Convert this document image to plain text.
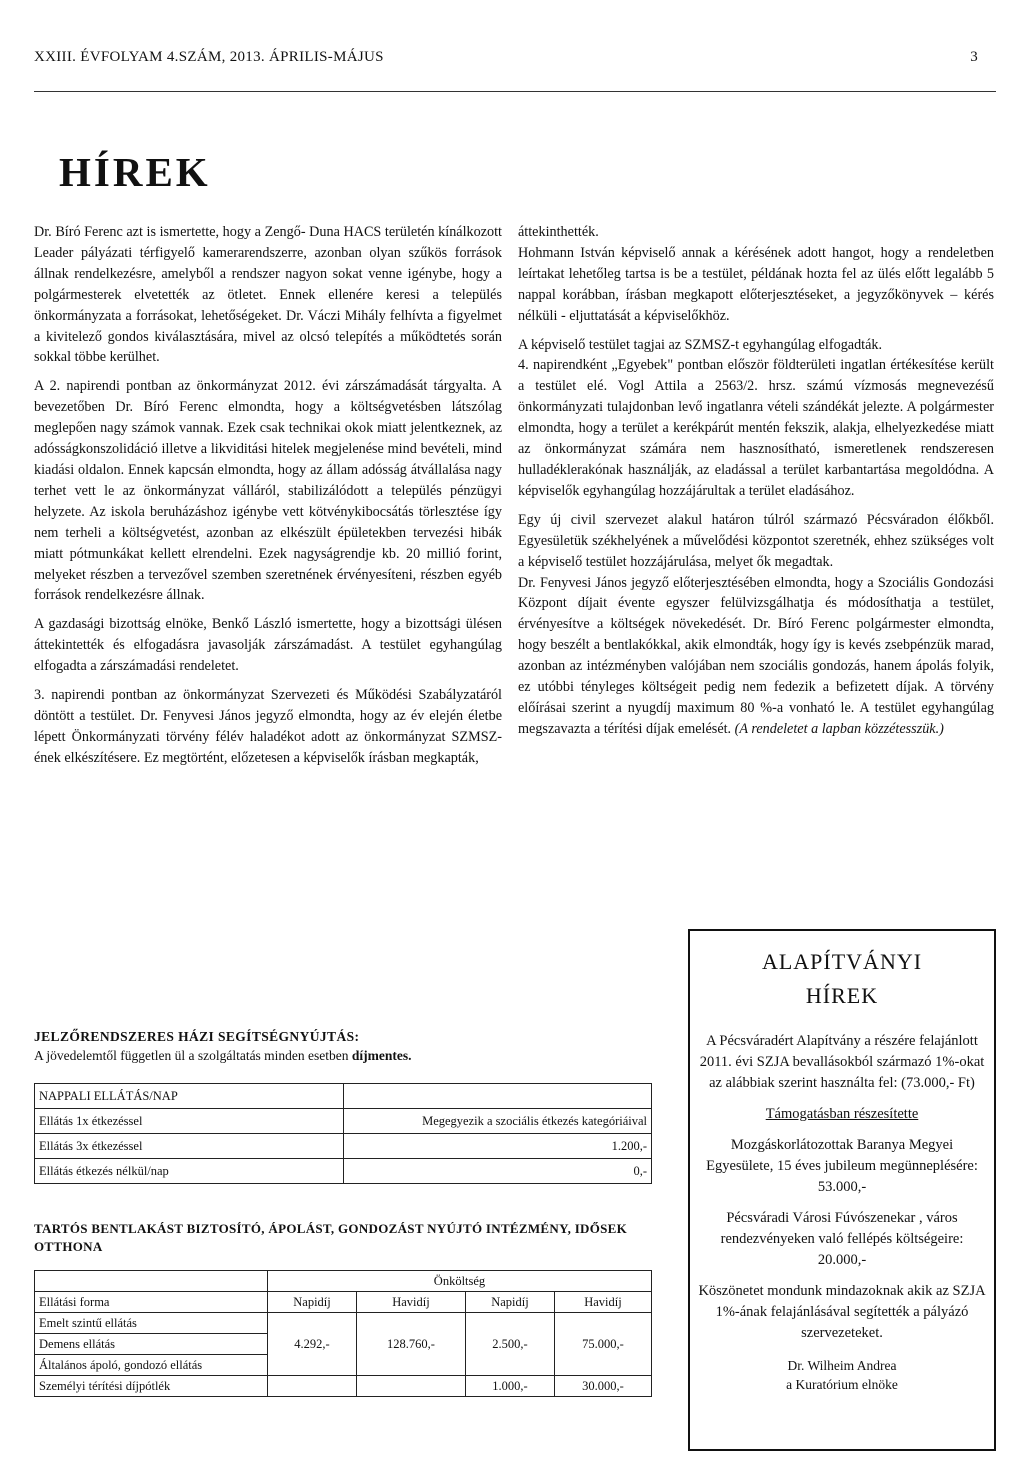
XXIII. ÉVFOLYAM 4.SZÁM, 2013. ÁPRILIS-MÁJUS	3
HÍREK

Dr. Bíró Ferenc azt is ismertette, hogy a Zengő- Duna HACS területén kínálkozott Leader pályázati térfigyelő kamerarendszerre, azonban olyan szűkös források állnak rendelkezésre, amelyből a rendszer nagyon sokat venne igénybe, hogy a polgármesterek elvetették az ötletet. Ennek ellenére keresi a település önkormányzata a forrásokat, lehetőségeket. Dr. Váczi Mihály felhívta a figyelmet a kivitelező gondos kiválasztására, mivel az olcsó telepítés a működtetés során sokkal többe kerülhet.

A 2. napirendi pontban az önkormányzat 2012. évi zárszámadását tárgyalta. A bevezetőben Dr. Bíró Ferenc elmondta, hogy a költségvetésben látszólag meglepően nagy számok vannak. Ezek csak technikai okok miatt jelentkeznek, az adósságkonszolidáció illetve a likviditási hitelek megjelenése mind bevételi, mind kiadási oldalon. Ennek kapcsán elmondta, hogy az állam adósság átvállalása nagy terhet vett le az önkormányzat válláról, stabilizálódott a település pénzügyi helyzete. Az iskola beruházáshoz igénybe vett kötvénykibocsátás törlesztése így nem terheli a költségvetést, azonban az elkészült épületekben tervezési hibák miatt pótmunkákat kellett elrendelni. Ezek nagyságrendje kb. 20 millió forint, melyeket részben a tervezővel szemben szeretnének érvényesíteni, részben egyéb források rendelkezésre állnak.

A gazdasági bizottság elnöke, Benkő László ismertette, hogy a bizottsági ülésen áttekintették és elfogadásra javasolják zárszámadást. A testület egyhangúlag elfogadta a zárszámadási rendeletet.

3. napirendi pontban az önkormányzat Szervezeti és Működési Szabályzatáról döntött a testület. Dr. Fenyvesi János jegyző elmondta, hogy az év elején életbe lépett Önkormányzati törvény félév haladékot adott az önkormányzat SZMSZ-ének elkészítésere. Ez megtörtént, előzetesen a képviselők írásban megkapták,

áttekinthették.

Hohmann István képviselő annak a kérésének adott hangot, hogy a rendeletben leírtakat lehetőleg tartsa is be a testület, példának hozta fel az ülés előtt legalább 5 nappal korábban, írásban megkapott előterjesztéseket, a jegyzőkönyvek – kérés nélküli - eljuttatását a képviselőkhöz.

A képviselő testület tagjai az SZMSZ-t egyhangúlag elfogadták.

4. napirendként „Egyebek" pontban először földterületi ingatlan értékesítése került a testület elé. Vogl Attila a 2563/2. hrsz. számú vízmosás megnevezésű önkormányzati tulajdonban levő ingatlanra vételi szándékát jelezte. A polgármester elmondta, hogy a terület a kerékpárút mentén fekszik, alakja, elhelyezkedése miatt az önkormányzat számára nem hasznosítható, ismeretlenek rendszeresen hulladéklerakónak használják, az eladással a terület karbantartása megoldódna. A képviselők egyhangúlag hozzájárultak a terület eladásához.

Egy új civil szervezet alakul határon túlról származó Pécsváradon élőkből. Egyesületük székhelyének a művelődési központot szeretnék, ehhez szükséges volt a képviselő testület hozzájárulása, melyet ők megadtak.

Dr. Fenyvesi János jegyző előterjesztésében elmondta, hogy a Szociális Gondozási Központ díjait évente egyszer felülvizsgálhatja és módosíthatja a testület, érvényesítve a költségek növekedését. Dr. Bíró Ferenc polgármester elmondta, hogy beszélt a bentlakókkal, akik elmondták, hogy így is kevés zsebpénzük marad, azonban az intézményben valójában nem szociális gondozás, hanem ápolás folyik, ez utóbbi tényleges költségeit pedig nem fedezik a befizetett díjak. A törvény előírásai szerint a nyugdíj maximum 80 %-a vonható le. A testület egyhangúlag megszavazta a térítési díjak emelését. (A rendeletet a lapban közzétesszük.)

JELZŐRENDSZERES HÁZI SEGÍTSÉGNYÚJTÁS:
A jövedelemtől független ül a szolgáltatás minden esetben díjmentes.
NAPPALI ELLÁTÁS/NAP	
Ellátás 1x étkezéssel	Megegyezik a szociális étkezés kategóriáival
Ellátás 3x étkezéssel	1.200,-
Ellátás étkezés nélkül/nap	0,-
TARTÓS BENTLAKÁST BIZTOSÍTÓ, ÁPOLÁST, GONDOZÁST NYÚJTÓ INTÉZMÉNY, IDŐSEK OTTHONA
	Önköltség			
Ellátási forma	Napidíj	Havidíj	Napidíj	Havidíj
Emelt szintű ellátás				
Demens ellátás	4.292,-	128.760,-	2.500,-	75.000,-
Általános ápoló, gondozó ellátás				
Személyi térítési díjpótlék			1.000,-	30.000,-
ALAPÍTVÁNYI
HÍREK

A Pécsváradért Alapítvány a részére felajánlott 2011. évi SZJA bevallásokból származó 1%-okat az alábbiak szerint használta fel: (73.000,- Ft)

Támogatásban részesítette

Mozgáskorlátozottak Baranya Megyei Egyesülete, 15 éves jubileum megünneplésére: 53.000,-

Pécsváradi Városi Fúvószenekar , város rendezvényeken való fellépés költségeire: 20.000,-

Köszönetet mondunk mindazoknak akik az SZJA 1%-ának felajánlásával segítették a pályázó szervezeteket.

Dr. Wilheim Andrea
a Kuratórium elnöke
